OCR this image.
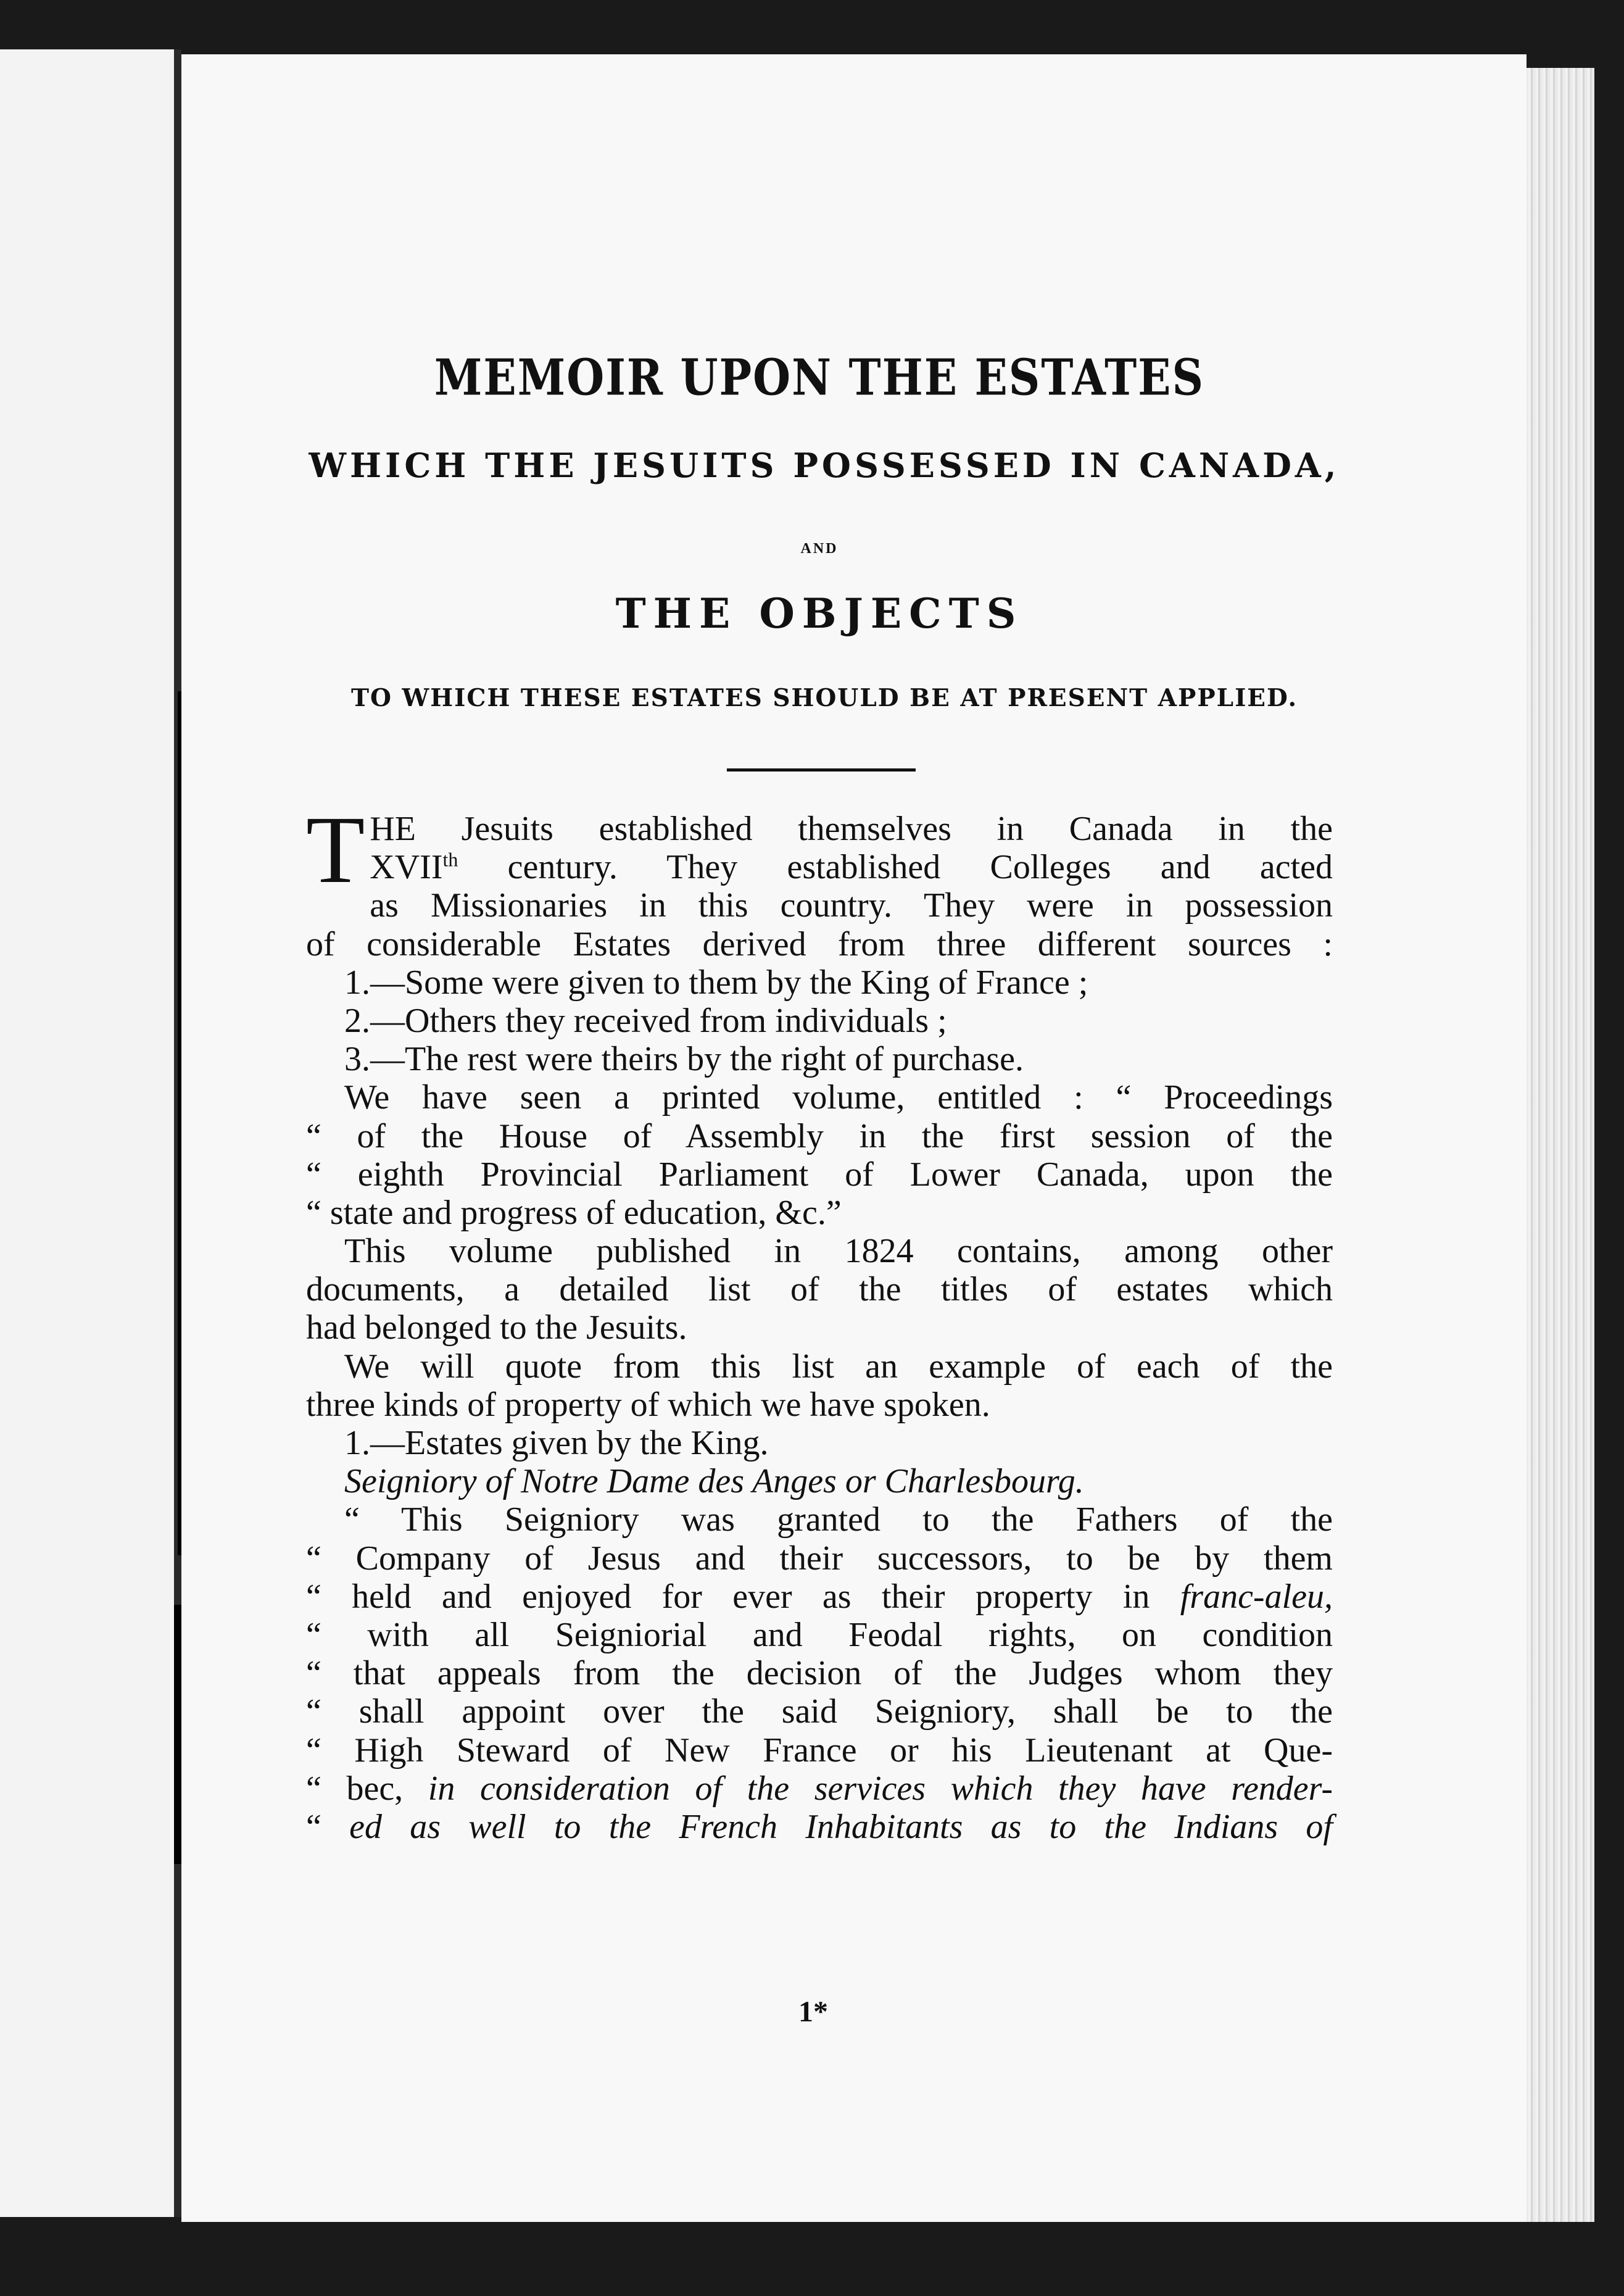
MEMOIR UPON THE ESTATES
WHICH THE JESUITS POSSESSED IN CANADA,
AND
THE OBJECTS
TO WHICH THESE ESTATES SHOULD BE AT PRESENT APPLIED.
T HE Jesuits established themselves in Canada in the
XVIIth century. They established Colleges and acted
as Missionaries in this country. They were in possession
of considerable Estates derived from three different sources :
1.—Some were given to them by the King of France ;
2.—Others they received from individuals ;
3.—The rest were theirs by the right of purchase.
We have seen a printed volume, entitled : “ Proceedings
“ of the House of Assembly in the first session of the
“ eighth Provincial Parliament of Lower Canada, upon the
“ state and progress of education, &c.”
This volume published in 1824 contains, among other
documents, a detailed list of the titles of estates which
had belonged to the Jesuits.
We will quote from this list an example of each of the
three kinds of property of which we have spoken.
1.—Estates given by the King.
Seigniory of Notre Dame des Anges or Charlesbourg.
“ This Seigniory was granted to the Fathers of the
“ Company of Jesus and their successors, to be by them
“ held and enjoyed for ever as their property in franc-aleu,
“ with all Seigniorial and Feodal rights, on condition
“ that appeals from the decision of the Judges whom they
“ shall appoint over the said Seigniory, shall be to the
“ High Steward of New France or his Lieutenant at Que-
“ bec, in consideration of the services which they have render-
“ ed as well to the French Inhabitants as to the Indians of
1*
